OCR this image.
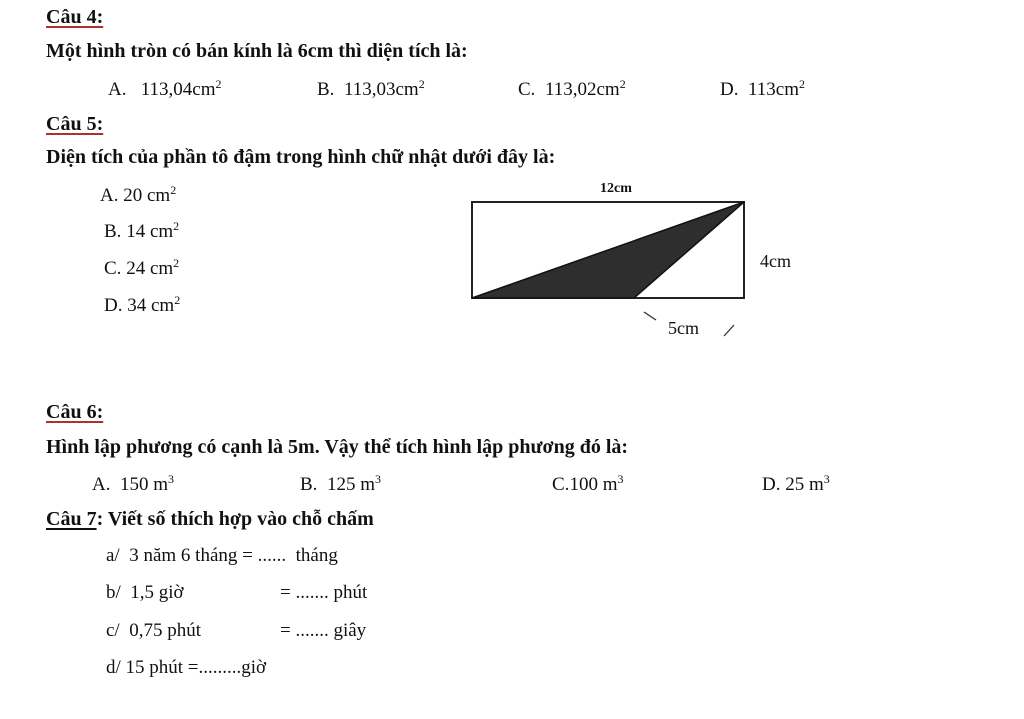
Câu 4:
Một hình tròn có bán kính là 6cm thì diện tích là:
A. $113,04cm^2$	B. $113,03cm^2$	C. $113,02cm^2$	D. $113cm^2$
Câu 5:
Diện tích của phần tô đậm trong hình chữ nhật dưới đây là:
A. 20 $cm^2$
B. 14 $cm^2$
C. 24 $cm^2$
D. 34 $cm^2$
12cm
4cm
5cm
Câu 6:
Hình lập phương có cạnh là 5m. Vậy thể tích hình lập phương đó là:
A. 150 $m^3$	B. 125 $m^3$	C.100 $m^3$	D. 25 $m^3$
Câu 7: Viết số thích hợp vào chỗ chấm
a/ 3 năm 6 tháng = ...... tháng
b/ 1,5 giờ	= ....... phút
c/ 0,75 phút	= ....... giây
d/ 15 phút =.........giờ
